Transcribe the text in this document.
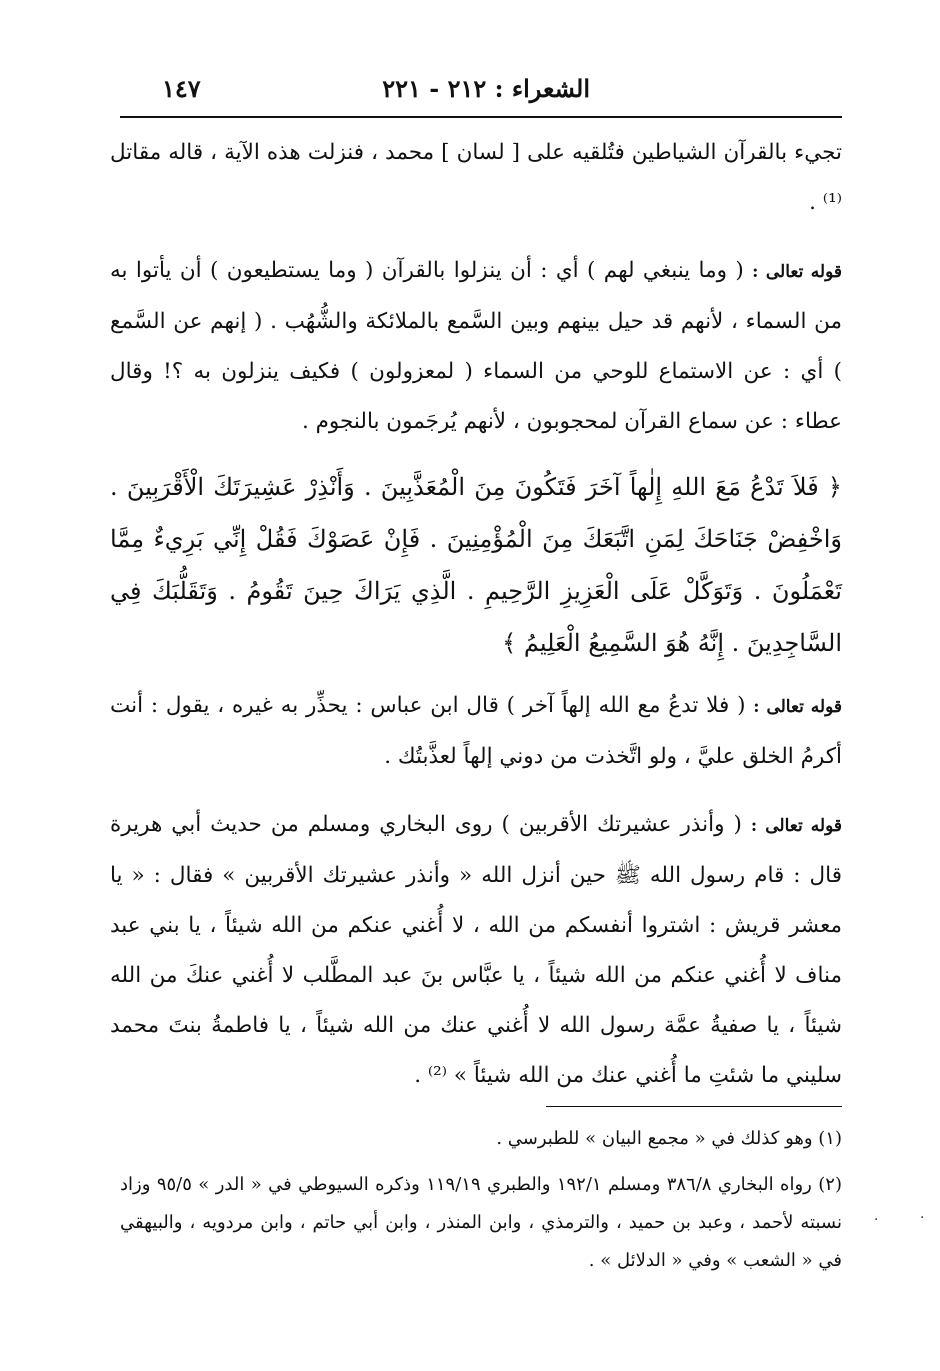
الشعراء : ٢١٢ - ٢٢١
١٤٧

تجيء بالقرآن الشياطين فتُلقيه على [ لسان ] محمد ، فنزلت هذه الآية ، قاله مقاتل ⁽¹⁾ .

قوله تعالى : ( وما ينبغي لهم ) أي : أن ينزلوا بالقرآن ( وما يستطيعون ) أن يأتوا به من السماء ، لأنهم قد حيل بينهم وبين السَّمع بالملائكة والشُّهُب . ( إنهم عن السَّمع ) أي : عن الاستماع للوحي من السماء ( لمعزولون ) فكيف ينزلون به ؟! وقال عطاء : عن سماع القرآن لمحجوبون ، لأنهم يُرجَمون بالنجوم .

﴿ فَلاَ تَدْعُ مَعَ اللهِ إِلٰهاً آخَرَ فَتَكُونَ مِنَ الْمُعَذَّبِينَ . وَأَنْذِرْ عَشِيرَتَكَ الْأَقْرَبِينَ . وَاخْفِضْ جَنَاحَكَ لِمَنِ اتَّبَعَكَ مِنَ الْمُؤْمِنِينَ . فَإِنْ عَصَوْكَ فَقُلْ إِنِّي بَرِيءٌ مِمَّا تَعْمَلُونَ . وَتَوَكَّلْ عَلَى الْعَزِيزِ الرَّحِيمِ . الَّذِي يَرَاكَ حِينَ تَقُومُ . وَتَقَلُّبَكَ فِي السَّاجِدِينَ . إِنَّهُ هُوَ السَّمِيعُ الْعَلِيمُ ﴾

قوله تعالى : ( فلا تدعُ مع الله إلهاً آخر ) قال ابن عباس : يحذِّر به غيره ، يقول : أنت أكرمُ الخلق عليَّ ، ولو اتَّخذت من دوني إلهاً لعذَّبتُك .

قوله تعالى : ( وأنذر عشيرتك الأقربين ) روى البخاري ومسلم من حديث أبي هريرة قال : قام رسول الله ﷺ حين أنزل الله « وأنذر عشيرتك الأقربين » فقال : « يا معشر قريش : اشتروا أنفسكم من الله ، لا أُغني عنكم من الله شيئاً ، يا بني عبد مناف لا أُغني عنكم من الله شيئاً ، يا عبَّاس بنَ عبد المطَّلب لا أُغني عنكَ من الله شيئاً ، يا صفيةُ عمَّة رسول الله لا أُغني عنك من الله شيئاً ، يا فاطمةُ بنتَ محمد سليني ما شئتِ ما أُغني عنك من الله شيئاً » ⁽²⁾ .

(١) وهو كذلك في « مجمع البيان » للطبرسي .

(٢) رواه البخاري ٣٨٦/٨ ومسلم ١٩٢/١ والطبري ١١٩/١٩ وذكره السيوطي في « الدر » ٩٥/٥ وزاد نسبته لأحمد ، وعبد بن حميد ، والترمذي ، وابن المنذر ، وابن أبي حاتم ، وابن مردويه ، والبيهقي في « الشعب » وفي « الدلائل » .

·	·
